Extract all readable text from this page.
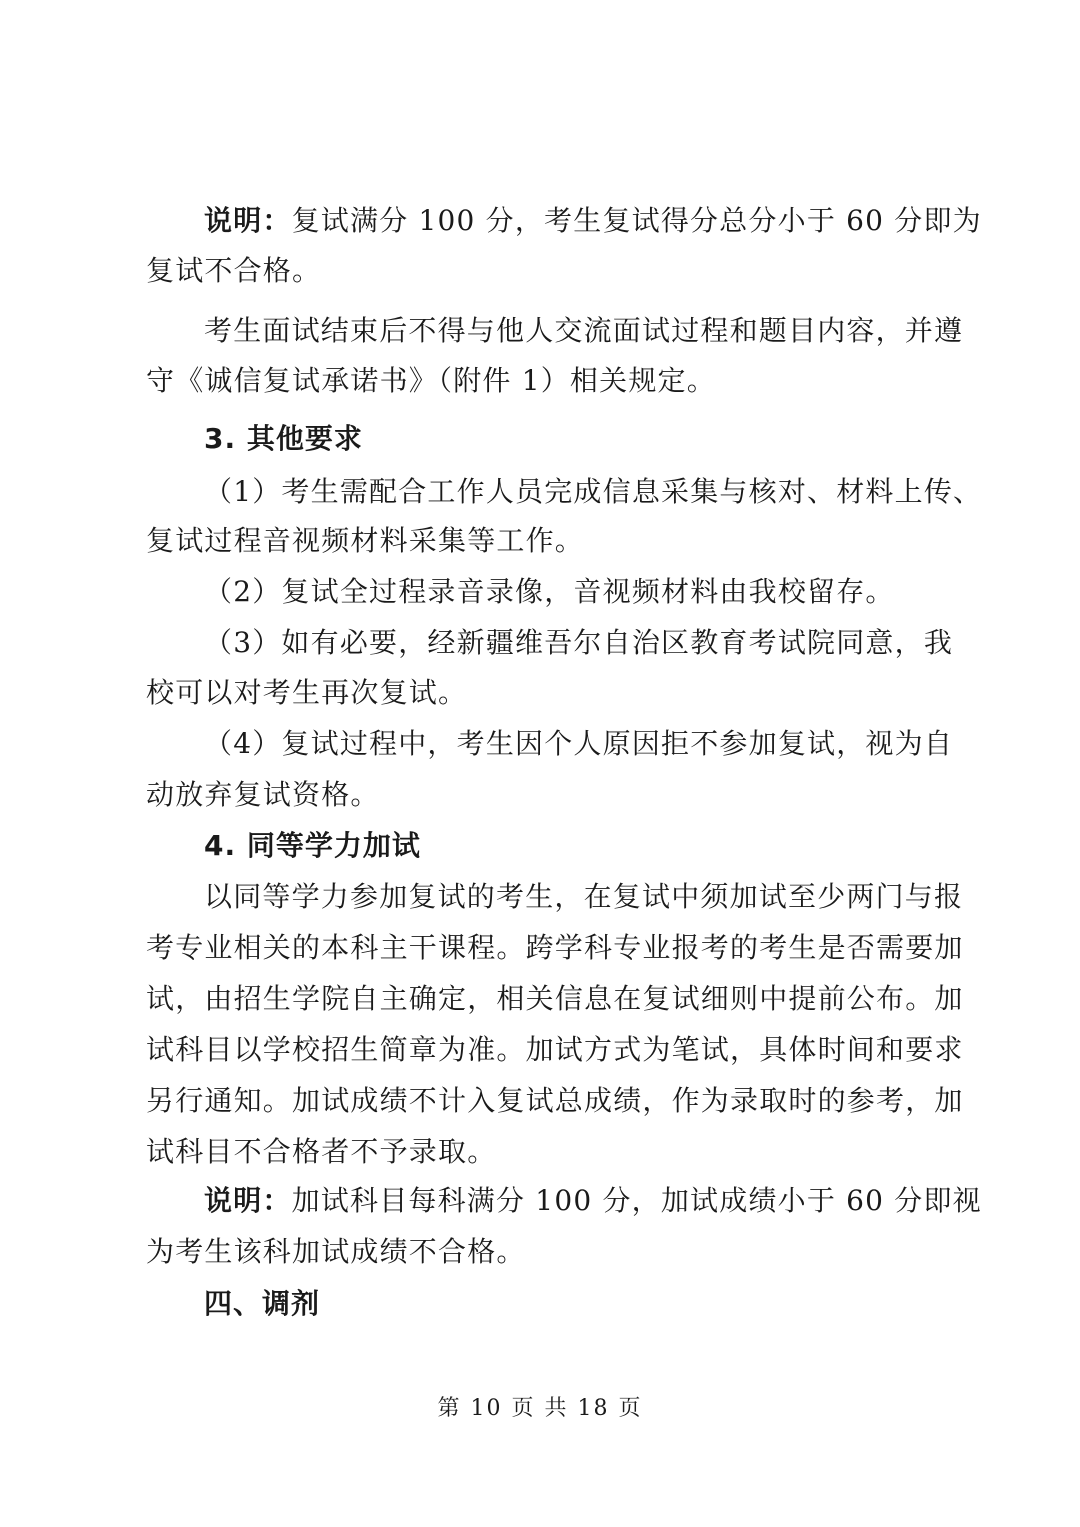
说明：复试满分 100 分，考生复试得分总分小于 60 分即为
复试不合格。
考生面试结束后不得与他人交流面试过程和题目内容，并遵
守《诚信复试承诺书》（附件 1）相关规定。
3. 其他要求
（1）考生需配合工作人员完成信息采集与核对、材料上传、
复试过程音视频材料采集等工作。
（2）复试全过程录音录像，音视频材料由我校留存。
（3）如有必要，经新疆维吾尔自治区教育考试院同意，我
校可以对考生再次复试。
（4）复试过程中，考生因个人原因拒不参加复试，视为自
动放弃复试资格。
4. 同等学力加试
以同等学力参加复试的考生，在复试中须加试至少两门与报
考专业相关的本科主干课程。跨学科专业报考的考生是否需要加
试，由招生学院自主确定，相关信息在复试细则中提前公布。加
试科目以学校招生简章为准。加试方式为笔试，具体时间和要求
另行通知。加试成绩不计入复试总成绩，作为录取时的参考，加
试科目不合格者不予录取。
说明：加试科目每科满分 100 分，加试成绩小于 60 分即视
为考生该科加试成绩不合格。
四、调剂
第 10 页 共 18 页
